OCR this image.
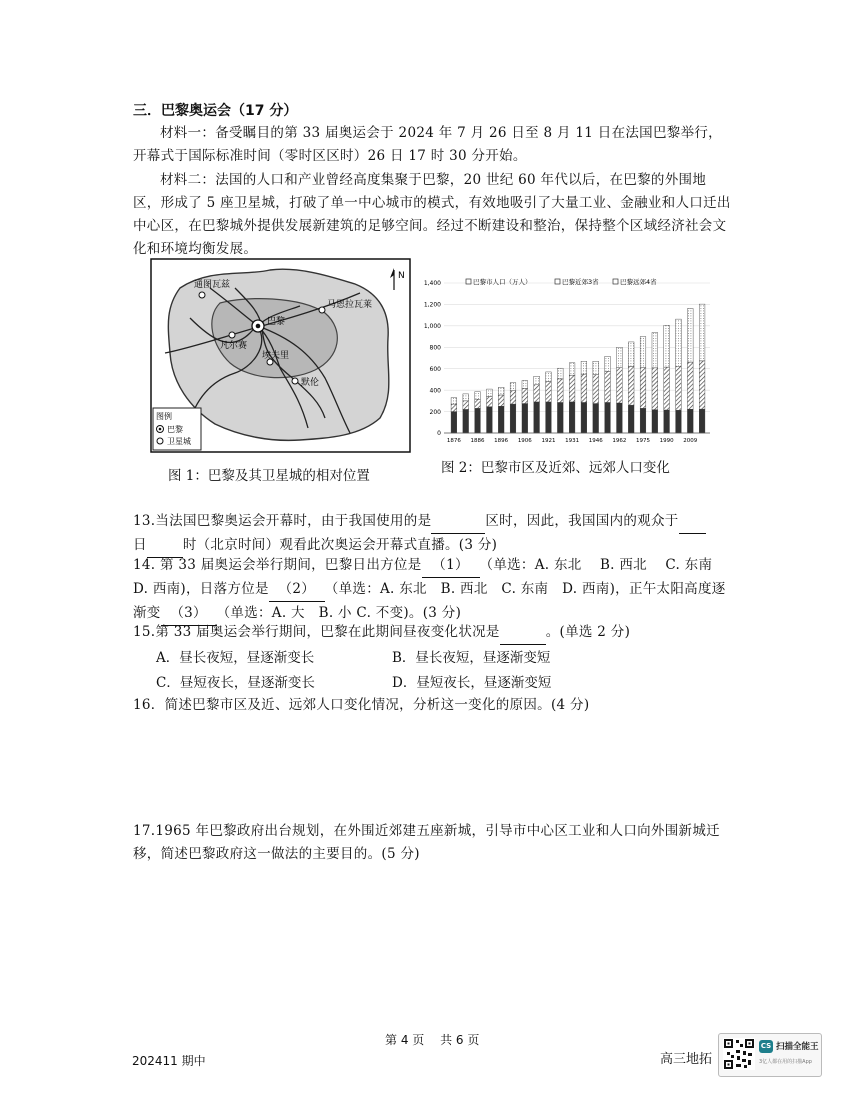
三．巴黎奥运会（17 分）
材料一：备受瞩目的第 33 届奥运会于 2024 年 7 月 26 日至 8 月 11 日在法国巴黎举行，开幕式于国际标准时间（零时区区时）26 日 17 时 30 分开始。
材料二：法国的人口和产业曾经高度集聚于巴黎，20 世纪 60 年代以后，在巴黎的外围地区，形成了 5 座卫星城，打破了单一中心城市的模式，有效地吸引了大量工业、金融业和人口迁出中心区，在巴黎城外提供发展新建筑的足够空间。经过不断建设和整治，保持整个区域经济社会文化和环境均衡发展。
巴黎
通图瓦兹
马恩拉瓦莱
凡尔赛
埃夫里
默伦
N
图例
巴黎
卫星城
图 1：巴黎及其卫星城的相对位置
0
200
400
600
800
1,000
1,200
1,400
1876 1886 1896 1906 1921 1931 1946 1962 1975 1990 2009
巴黎市人口（万人）	巴黎近郊3省	巴黎远郊4省
图 2：巴黎市区及近郊、远郊人口变化
13.当法国巴黎奥运会开幕时，由于我国使用的是	区时，因此，我国国内的观众于
日	时（北京时间）观看此次奥运会开幕式直播。(3 分)
14. 第 33 届奥运会举行期间，巴黎日出方位是 （1） （单选：A. 东北　 B. 西北　 C. 东南　D. 西南)，日落方位是 （2） （单选：A. 东北　B. 西北　C. 东南　D. 西南)，正午太阳高度逐渐变 （3） （单选：A. 大　B. 小 C. 不变)。(3 分)
15.第 33 届奥运会举行期间，巴黎在此期间昼夜变化状况是	。(单选 2 分)
A．昼长夜短，昼逐渐变长	B．昼长夜短，昼逐渐变短
C．昼短夜长，昼逐渐变长	D．昼短夜长，昼逐渐变短
16．简述巴黎市区及近、远郊人口变化情况，分析这一变化的原因。(4 分)
17.1965 年巴黎政府出台规划，在外围近郊建五座新城，引导市中心区工业和人口向外围新城迁移，简述巴黎政府这一做法的主要目的。(5 分)
第 4 页　 共 6 页
202411 期中	高三地拓
CS 扫描全能王
3亿人都在用的扫描App
